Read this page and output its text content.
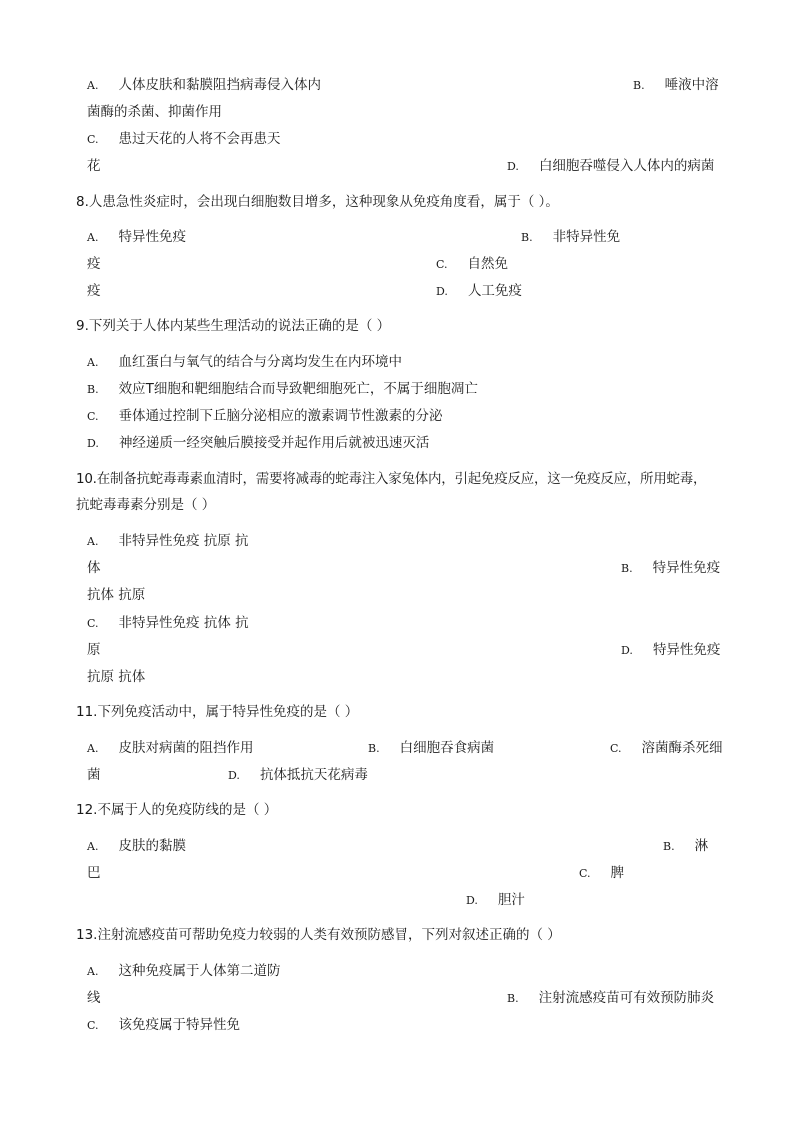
A. 人体皮肤和黏膜阻挡病毒侵入体内	B. 唾液中溶
菌酶的杀菌、抑菌作用
C. 患过天花的人将不会再患天
花	D. 白细胞吞噬侵入人体内的病菌
8.人患急性炎症时，会出现白细胞数目增多，这种现象从免疫角度看，属于（ ）。
A. 特异性免疫	B. 非特异性免
疫	C. 自然免
疫	D. 人工免疫
9.下列关于人体内某些生理活动的说法正确的是（ ）
A. 血红蛋白与氧气的结合与分离均发生在内环境中
B. 效应T细胞和靶细胞结合而导致靶细胞死亡，不属于细胞凋亡
C. 垂体通过控制下丘脑分泌相应的激素调节性激素的分泌
D. 神经递质一经突触后膜接受并起作用后就被迅速灭活
10.在制备抗蛇毒毒素血清时，需要将减毒的蛇毒注入家兔体内，引起免疫反应，这一免疫反应，所用蛇毒，
抗蛇毒毒素分别是（ ）
A. 非特异性免疫 抗原 抗
体	B. 特异性免疫
抗体 抗原
C. 非特异性免疫 抗体 抗
原	D. 特异性免疫
抗原 抗体
11.下列免疫活动中，属于特异性免疫的是（ ）
A. 皮肤对病菌的阻挡作用	B. 白细胞吞食病菌	C. 溶菌酶杀死细
菌	D. 抗体抵抗天花病毒
12.不属于人的免疫防线的是（ ）
A. 皮肤的黏膜	B. 淋
巴	C. 脾
D. 胆汁
13.注射流感疫苗可帮助免疫力较弱的人类有效预防感冒，下列对叙述正确的（ ）
A. 这种免疫属于人体第二道防
线	B. 注射流感疫苗可有效预防肺炎
C. 该免疫属于特异性免
